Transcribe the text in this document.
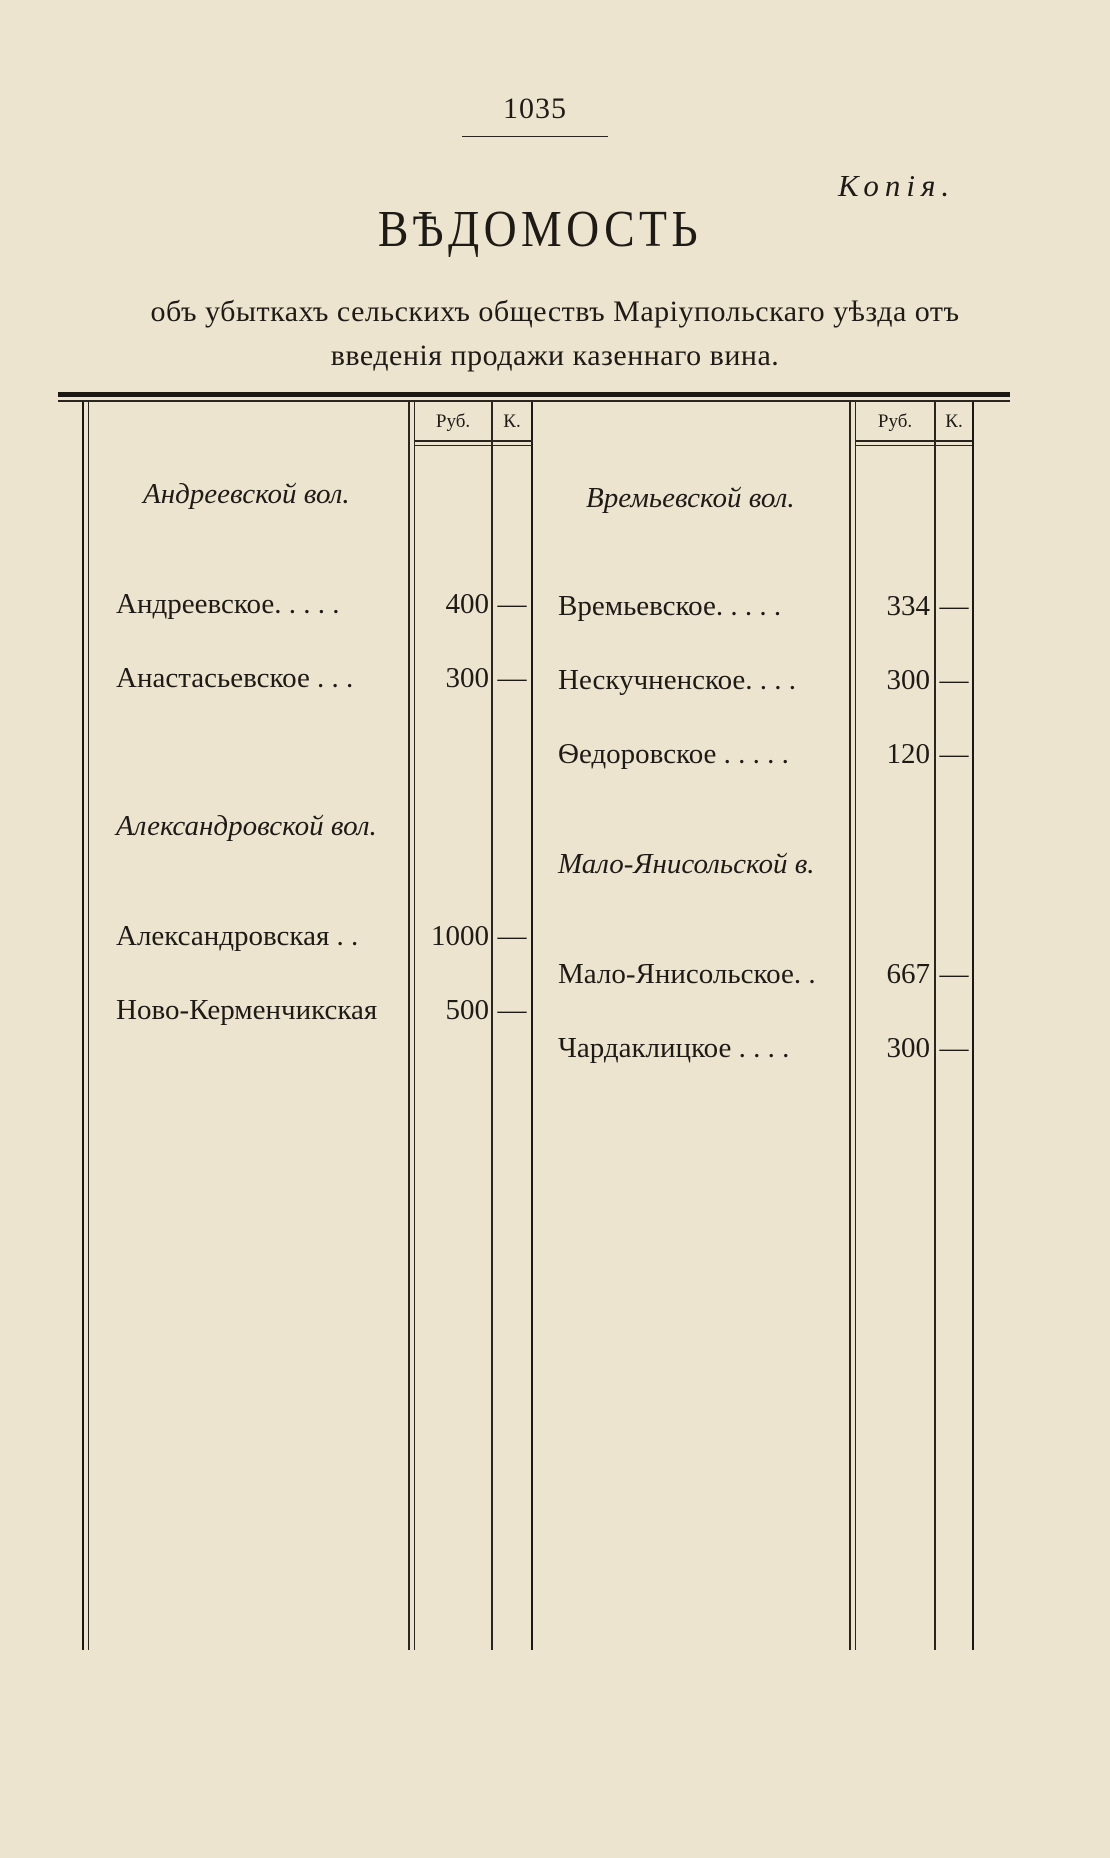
1035
Копія.
ВѢДОМОСТЬ
объ убыткахъ сельскихъ обществъ Маріупольскаго уѣзда отъ
введенія продажи казеннаго вина.
Руб.	К.	Руб.	К.
Андреевской вол.
Андреевское. . . . .	400 —
Анастасьевское . . .	300 —
Александровской вол.
Александровская . .	1000 —
Ново-Керменчикская	500 —
Времьевской вол.
Времьевское. . . . .	334 —
Нескучненское. . . .	300 —
Ѳедоровское . . . . .	120 —
Мало-Янисольской в.
Мало-Янисольское. .	667 —
Чардаклицкое . . . .	300 —
